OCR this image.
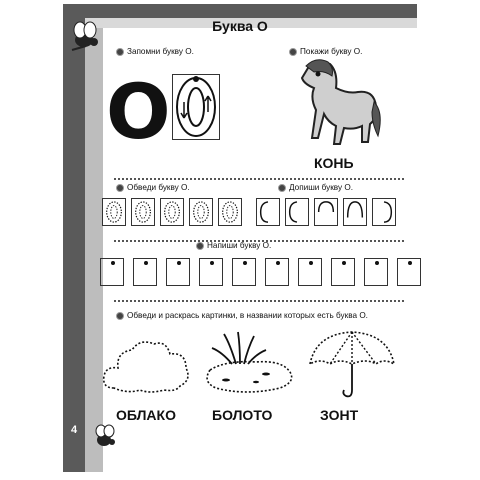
Буква О
Запомни букву О.
O
Покажи букву О.
КОНЬ
Обведи букву О.	Допиши букву О.
Напиши букву О.
Обведи и раскрась картинки, в названии которых есть буква О.
ОБЛАКО	БОЛОТО	ЗОНТ
4
